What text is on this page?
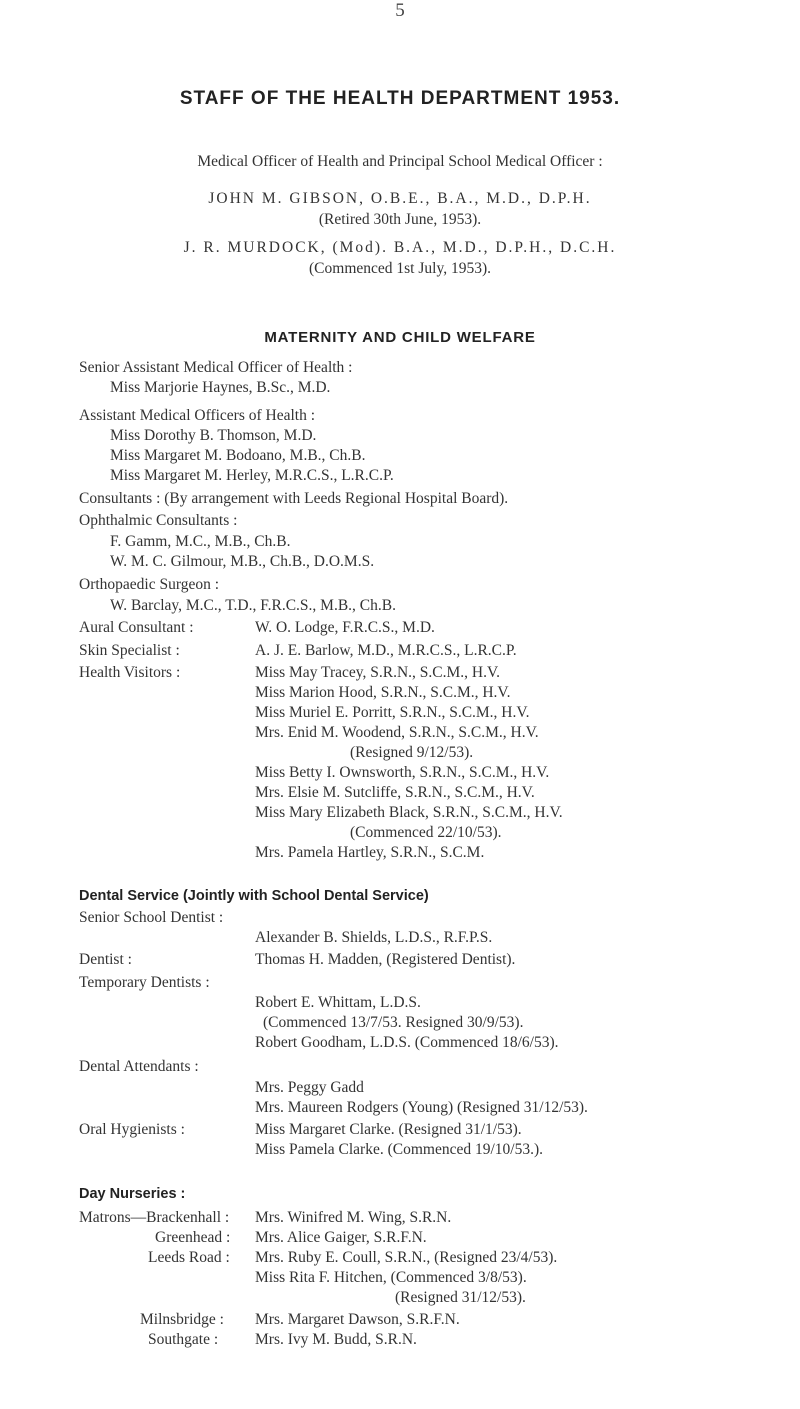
5
STAFF OF THE HEALTH DEPARTMENT 1953.
Medical Officer of Health and Principal School Medical Officer :
JOHN M. GIBSON, O.B.E., B.A., M.D., D.P.H.
(Retired 30th June, 1953).
J. R. MURDOCK, (Mod). B.A., M.D., D.P.H., D.C.H.
(Commenced 1st July, 1953).
MATERNITY AND CHILD WELFARE
Senior Assistant Medical Officer of Health :
Miss Marjorie Haynes, B.Sc., M.D.
Assistant Medical Officers of Health :
Miss Dorothy B. Thomson, M.D.
Miss Margaret M. Bodoano, M.B., Ch.B.
Miss Margaret M. Herley, M.R.C.S., L.R.C.P.
Consultants : (By arrangement with Leeds Regional Hospital Board).
Ophthalmic Consultants :
F. Gamm, M.C., M.B., Ch.B.
W. M. C. Gilmour, M.B., Ch.B., D.O.M.S.
Orthopaedic Surgeon :
W. Barclay, M.C., T.D., F.R.C.S., M.B., Ch.B.
Aural Consultant :	W. O. Lodge, F.R.C.S., M.D.
Skin Specialist :	A. J. E. Barlow, M.D., M.R.C.S., L.R.C.P.
Health Visitors :	Miss May Tracey, S.R.N., S.C.M., H.V.
Miss Marion Hood, S.R.N., S.C.M., H.V.
Miss Muriel E. Porritt, S.R.N., S.C.M., H.V.
Mrs. Enid M. Woodend, S.R.N., S.C.M., H.V.
(Resigned 9/12/53).
Miss Betty I. Ownsworth, S.R.N., S.C.M., H.V.
Mrs. Elsie M. Sutcliffe, S.R.N., S.C.M., H.V.
Miss Mary Elizabeth Black, S.R.N., S.C.M., H.V.
(Commenced 22/10/53).
Mrs. Pamela Hartley, S.R.N., S.C.M.
Dental Service (Jointly with School Dental Service)
Senior School Dentist :
Alexander B. Shields, L.D.S., R.F.P.S.
Dentist :	Thomas H. Madden, (Registered Dentist).
Temporary Dentists :
Robert E. Whittam, L.D.S.
(Commenced 13/7/53. Resigned 30/9/53).
Robert Goodham, L.D.S. (Commenced 18/6/53).
Dental Attendants :
Mrs. Peggy Gadd
Mrs. Maureen Rodgers (Young) (Resigned 31/12/53).
Oral Hygienists :	Miss Margaret Clarke. (Resigned 31/1/53).
Miss Pamela Clarke. (Commenced 19/10/53.).
Day Nurseries :
Matrons—Brackenhall : Mrs. Winifred M. Wing, S.R.N.
Greenhead : Mrs. Alice Gaiger, S.R.F.N.
Leeds Road : Mrs. Ruby E. Coull, S.R.N., (Resigned 23/4/53).
Miss Rita F. Hitchen, (Commenced 3/8/53).
(Resigned 31/12/53).
Milnsbridge : Mrs. Margaret Dawson, S.R.F.N.
Southgate : Mrs. Ivy M. Budd, S.R.N.
